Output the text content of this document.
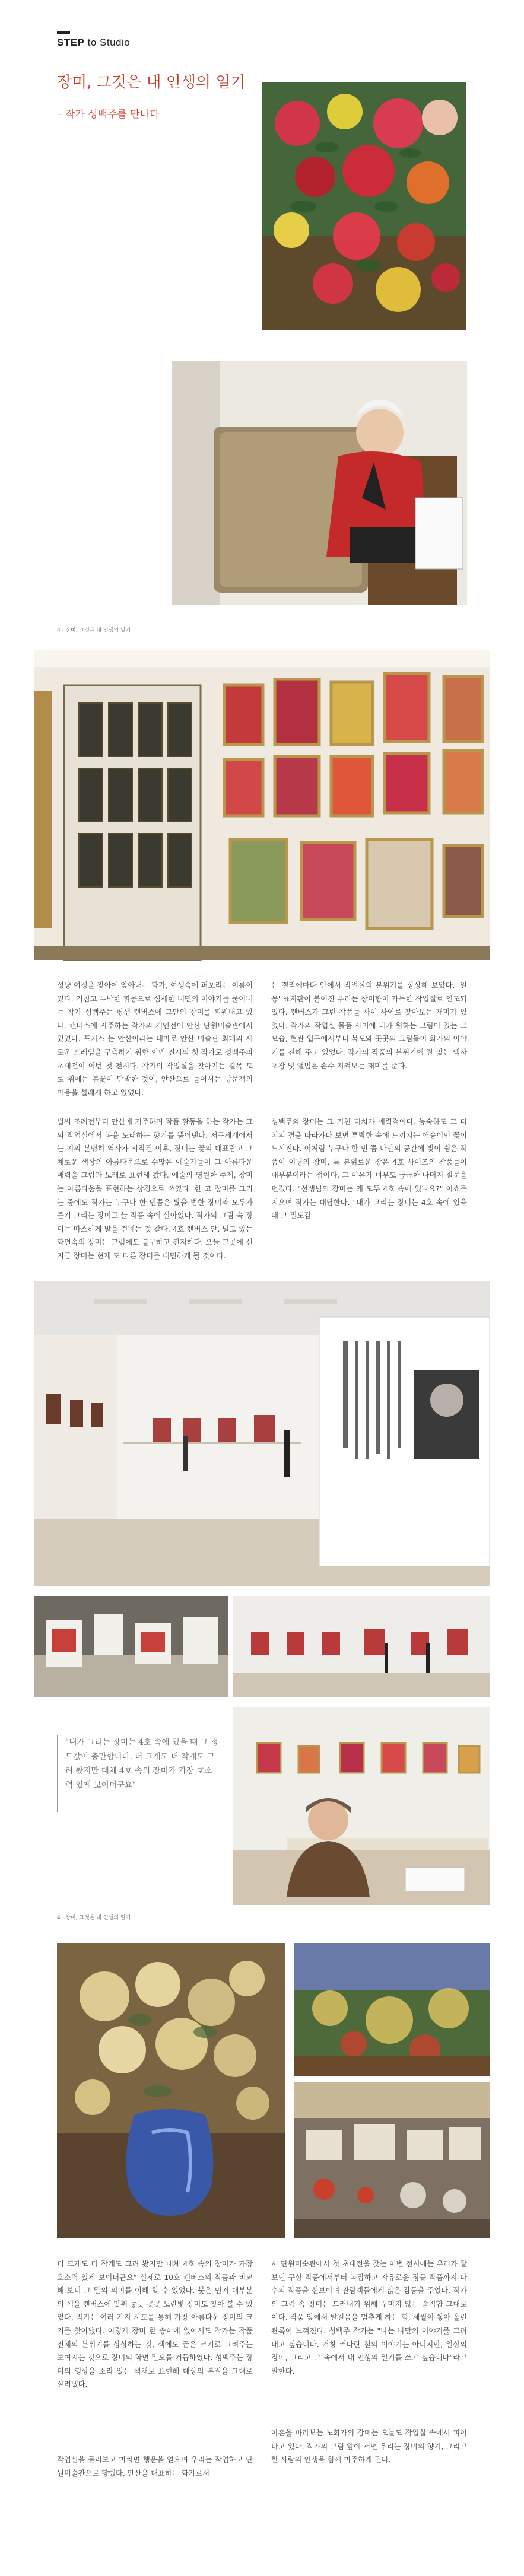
STEP to Studio
장미, 그것은 내 인생의 일기
– 작가 성백주를 만나다
4 · 장미, 그것은 내 인생의 일기
성냥 여정을 찾아에 앞아내는 화가, 여생속에 퍼포리는 이름이 있다. 거침고 투박한 휘뭉으로 섬세한 내면의 이야기를 풀어내는 작가 성백주는 평생 캔버스에 그만의 장미를 피워내고 있다. 캔버스에 자주하는 작가의 개인전이 안산 단원미술관에서 있었다. 포커스 는 안산이라는 테마로 안산 미술관 최대의 새로운 프레임을 구축하기 위한 이번 전시의 첫 작가로 성백주의 초대전이 이번 첫 전시다. 작가의 작업실을 찾아가는 길목 도로 위에는 봄꽃이 만발한 것이, 안산으로 들어서는 방문객의 마음을 설레게 하고 있었다.
벌써 조례전부터 안산에 거주하며 작품 활동을 하는 작가는 그의 작업실에서 봄을 노래하는 향기를 뿜어낸다. 서구세계에서는 지의 분명히 역사가 시작된 이후, 장미는 꽃의 대표랍고 그 채로운 색상의 아름다움으로 수많은 예술가들이 그 아름다운 매력을 그림과 노래로 표현해 왔다. 예술의 영원한 주제, 장미는 아름다움을 표현하는 상징으로 쓰였다. 한 고 장미를 그리는 중에도 작가는 누구나 한 번쯤은 봤을 법한 장미와 모두가 즐겨 그리는 장미로 늘 작품 속에 살아있다. 작가의 그림 속 장미는 따스하게 말을 건네는 것 같다. 4호 캔버스 안, 밀도 있는 화면속의 장미는 그럼에도 불구하고 진지하다. 오늘 그곳에 선 지금 장미는 현재 또 다른 장미를 대면하게 될 것이다.
는 캘리에마다 안에서 작업실의 분위기를 상상해 보았다. '일몽' 표지판이 붙어진 우리는 장미향이 가득한 작업실로 인도되었다. 캔버스가 그린 작품들 사이 사이로 찾아보는 재미가 있었다. 작가의 작업실 물품 사이에 내가 원하는 그림이 있는 그 모습, 현관 입구에서부터 복도와 곳곳의 그림들이 화가의 이야기를 전해 주고 있었다. 작가의 작품의 분위기에 잘 맞는 액자 포장 및 앨범은 손수 지켜보는 재미를 준다.
성백주의 장미는 그 거친 터치가 매력적이다. 능숙하도 그 터치의 결을 따라가다 보면 투박한 속에 느껴지는 애송이인 꽃이 느껴진다. 이처럼 누구나 한 번 쯤 나만의 공간에 빛이 쉼은 작품이 이닝의 장미, 특 분위로운 장은 4호 사이즈의 작품들이 대부분이라는 점이다. 그 이유가 너무도 궁금한 나머지 질문을 던졌다. "선생님의 장미는 왜 모두 4호 속에 있나요?" 이쇼를 지으며 작가는 대답한다. "내가 그리는 장미는 4호 속에 있을 때 그 밀도감
"내가 그리는 장미는 4호 속에 있을 때 그 정도값이 충만합니다. 더 크게도 더 작게도 그려 봤지만 대체 4호 속의 장미가 가장 호소력 있게 보이더군요"
4 · 장미, 그것은 내 인생의 일기
더 크게도 더 작게도 그려 봤지만 대체 4호 속의 장미가 가장 호소력 있게 보이더군요" 실제로 10호 캔버스의 작품과 비교해 보니 그 말의 의미를 이해 할 수 있었다. 붓은 먼저 대부분의 색을 캔버스에 맞춰 놓듯 곳곳 노란빛 장미도 찾아 볼 수 있었다. 작가는 여러 가지 시도를 통해 가장 아름다운 장미의 크기를 찾아냈다. 이렇게 장미 한 송이에 있어서도 작가는 작품 전체의 분위기를 상상하는 것, 색에도 끝은 크기로 그려주는 보여지는 것으로 장미의 화면 밀도를 거듭하였다. 성백주는 장미의 형상을 소리 있는 색채로 표현해 대상의 본질을 그대로 살려냈다.
작업실을 둘러보고 마치면 행운을 얻으며 우리는 작업하고 단원미술관으로 향했다. 안산을 대표하는 화가로서
서 단원미술관에서 첫 초대전을 갖는 이번 전시에는 우리가 잘 보던 구상 작품에서부터 복잡하고 자유로운 정물 작품까지 다수의 작품을 선보이며 관람객들에게 많은 감동을 주었다. 작가의 그림 속 장미는 드러내기 위해 꾸미지 않는 솔직함 그대로이다. 작품 앞에서 발걸음을 멈추게 하는 힘, 세월이 쌓아 올린 관록이 느껴진다. 성백주 작가는 "나는 나만의 이야기를 그려 내고 싶습니다. 거창 커다란 철의 이야기는 아니지만, 일상의 장미, 그리고 그 속에서 내 인생의 일기를 쓰고 싶습니다"라고 말한다.
아흔을 바라보는 노화가의 장미는 오늘도 작업실 속에서 피어나고 있다. 작가의 그림 앞에 서면 우리는 장미의 향기, 그리고 한 사람의 인생을 함께 마주하게 된다.
